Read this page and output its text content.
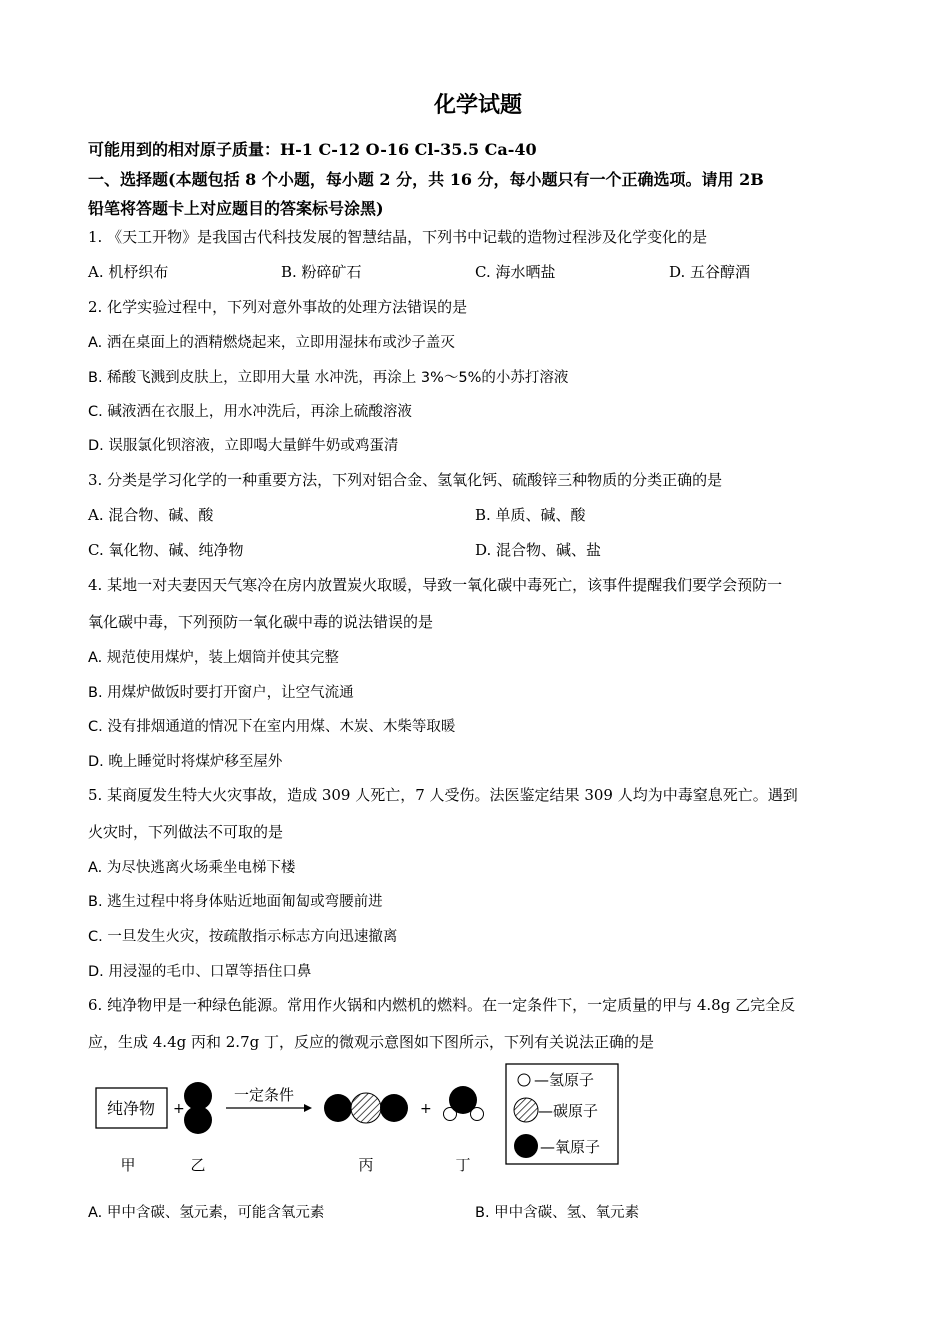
化学试题
可能用到的相对原子质量：H-1 C-12 O-16 Cl-35.5 Ca-40
一、选择题(本题包括 8 个小题，每小题 2 分，共 16 分，每小题只有一个正确选项。请用 2B
铅笔将答题卡上对应题目的答案标号涂黑)
1. 《天工开物》是我国古代科技发展的智慧结晶，下列书中记载的造物过程涉及化学变化的是
A. 机杼织布	B. 粉碎矿石	C. 海水晒盐	D. 五谷醇酒
2. 化学实验过程中，下列对意外事故的处理方法错误的是
A. 洒在桌面上的酒精燃烧起来，立即用湿抹布或沙子盖灭
B. 稀酸飞溅到皮肤上，立即用大量 水冲洗，再涂上 3%～5%的小苏打溶液
C. 碱液洒在衣服上，用水冲洗后，再涂上硫酸溶液
D. 误服氯化钡溶液，立即喝大量鲜牛奶或鸡蛋清
3. 分类是学习化学的一种重要方法，下列对铝合金、氢氧化钙、硫酸锌三种物质的分类正确的是
A. 混合物、碱、酸	B. 单质、碱、酸
C. 氧化物、碱、纯净物	D. 混合物、碱、盐
4. 某地一对夫妻因天气寒冷在房内放置炭火取暖，导致一氧化碳中毒死亡，该事件提醒我们要学会预防一
氧化碳中毒，下列预防一氧化碳中毒的说法错误的是
A. 规范使用煤炉，装上烟筒并使其完整
B. 用煤炉做饭时要打开窗户，让空气流通
C. 没有排烟通道的情况下在室内用煤、木炭、木柴等取暖
D. 晚上睡觉时将煤炉移至屋外
5. 某商厦发生特大火灾事故，造成 309 人死亡，7 人受伤。法医鉴定结果 309 人均为中毒窒息死亡。遇到
火灾时，下列做法不可取的是
A. 为尽快逃离火场乘坐电梯下楼
B. 逃生过程中将身体贴近地面匍匐或弯腰前进
C. 一旦发生火灾，按疏散指示标志方向迅速撤离
D. 用浸湿的毛巾、口罩等捂住口鼻
6. 纯净物甲是一种绿色能源。常用作火锅和内燃机的燃料。在一定条件下，一定质量的甲与 4.8g 乙完全反
应，生成 4.4g 丙和 2.7g 丁，反应的微观示意图如下图所示，下列有关说法正确的是
纯净物 +
一定条件
+
—氢原子
—碳原子
—氧原子
甲	乙	丙	丁
A. 甲中含碳、氢元素，可能含氧元素	B. 甲中含碳、氢、氧元素
